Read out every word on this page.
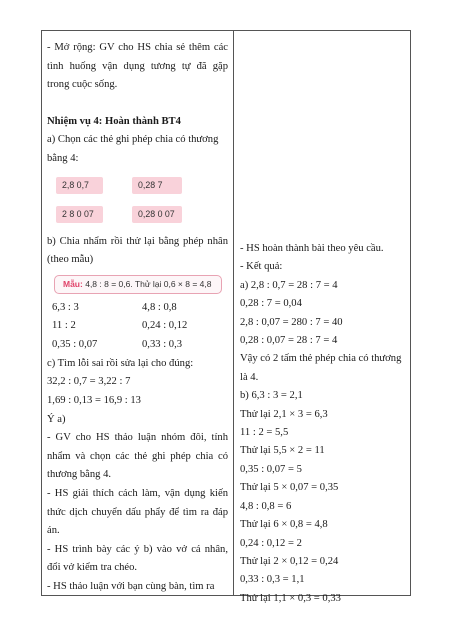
- Mở rộng: GV cho HS chia sẻ thêm các tình huống vận dụng tương tự đã gặp trong cuộc sống.

Nhiệm vụ 4: Hoàn thành BT4

a) Chọn các thẻ ghi phép chia có thương bằng 4:

2,8 0,7	0,28 7
2 8 0 07	0,28 0 07

b) Chia nhẩm rồi thử lại bằng phép nhân (theo mẫu)

Mẫu: 4,8 : 8 = 0,6. Thử lại 0,6 × 8 = 4,8
6,3 : 3	4,8 : 0,8
11 : 2	0,24 : 0,12
0,35 : 0,07	0,33 : 0,3

c) Tìm lỗi sai rồi sửa lại cho đúng:

32,2 : 0,7 = 3,22 : 7

1,69 : 0,13 = 16,9 : 13

Ý a)

- GV cho HS thảo luận nhóm đôi, tính nhẩm và chọn các thẻ ghi phép chia có thương bằng 4.

- HS giải thích cách làm, vận dụng kiến thức dịch chuyển dấu phẩy để tìm ra đáp án.

- HS trình bày các ý b) vào vở cá nhân, đổi vở kiểm tra chéo.

- HS thảo luận với bạn cùng bàn, tìm ra

- HS hoàn thành bài theo yêu cầu.

- Kết quả:

a) 2,8 : 0,7 = 28 : 7 = 4

0,28 : 7 = 0,04

2,8 : 0,07 = 280 : 7 = 40

0,28 : 0,07 = 28 : 7 = 4

Vậy có 2 tấm thẻ phép chia có thương là 4.

b) 6,3 : 3 = 2,1

Thử lại 2,1 × 3 = 6,3

11 : 2 = 5,5

Thử lại 5,5 × 2 = 11

0,35 : 0,07 = 5

Thử lại 5 × 0,07 = 0,35

4,8 : 0,8 = 6

Thử lại 6 × 0,8 = 4,8

0,24 : 0,12 = 2

Thử lại 2 × 0,12 = 0,24

0,33 : 0,3 = 1,1

Thử lại 1,1 × 0,3 = 0,33
